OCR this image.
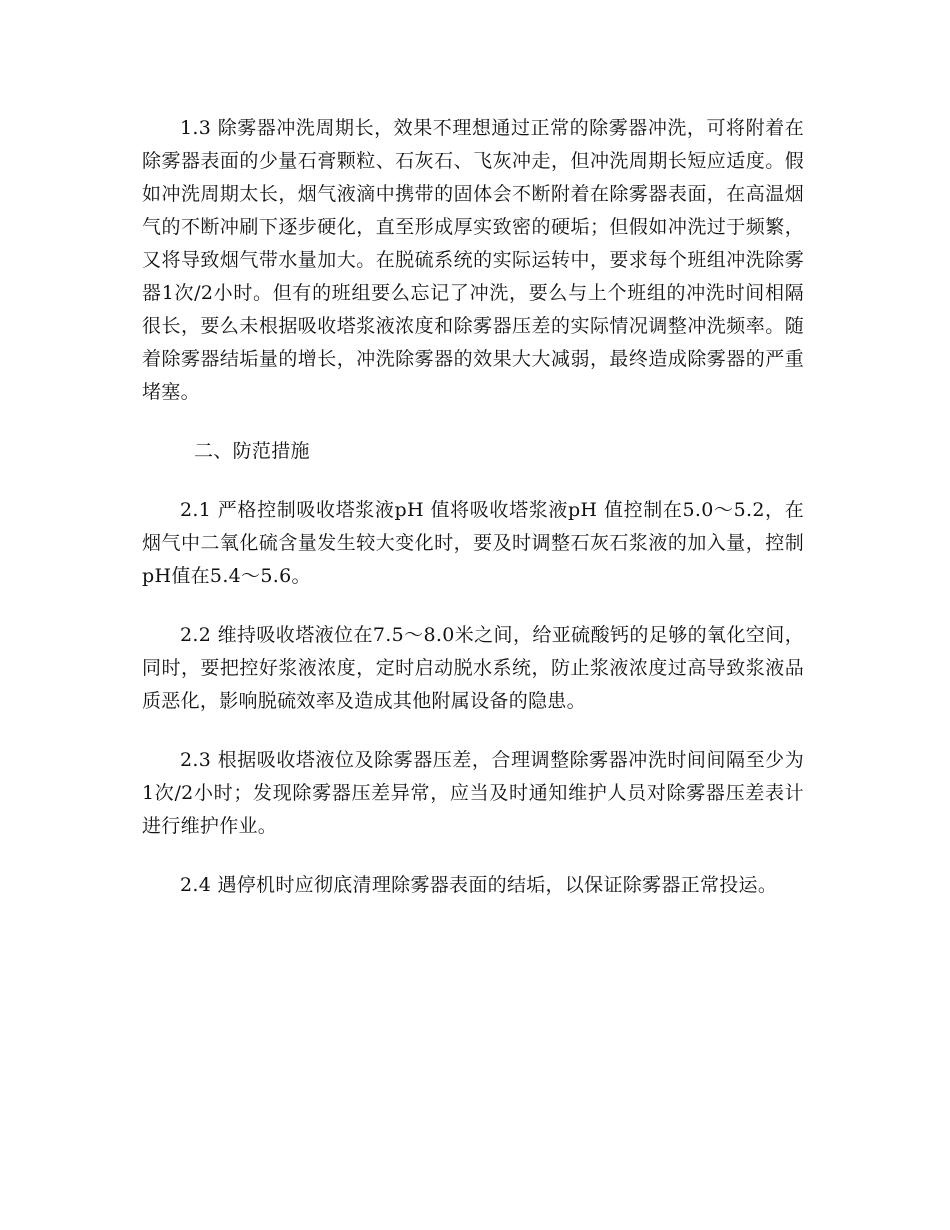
1.3 除雾器冲洗周期长，效果不理想通过正常的除雾器冲洗，可将附着在除雾器表面的少量石膏颗粒、石灰石、飞灰冲走，但冲洗周期长短应适度。假如冲洗周期太长，烟气液滴中携带的固体会不断附着在除雾器表面，在高温烟气的不断冲刷下逐步硬化，直至形成厚实致密的硬垢；但假如冲洗过于频繁，又将导致烟气带水量加大。在脱硫系统的实际运转中，要求每个班组冲洗除雾器1次/2小时。但有的班组要么忘记了冲洗，要么与上个班组的冲洗时间相隔很长，要么未根据吸收塔浆液浓度和除雾器压差的实际情况调整冲洗频率。随着除雾器结垢量的增长，冲洗除雾器的效果大大减弱，最终造成除雾器的严重堵塞。

二、防范措施

2.1 严格控制吸收塔浆液pH 值将吸收塔浆液pH 值控制在5.0～5.2，在烟气中二氧化硫含量发生较大变化时，要及时调整石灰石浆液的加入量，控制pH值在5.4～5.6。

2.2 维持吸收塔液位在7.5～8.0米之间，给亚硫酸钙的足够的氧化空间，同时，要把控好浆液浓度，定时启动脱水系统，防止浆液浓度过高导致浆液品质恶化，影响脱硫效率及造成其他附属设备的隐患。

2.3 根据吸收塔液位及除雾器压差，合理调整除雾器冲洗时间间隔至少为1次/2小时；发现除雾器压差异常，应当及时通知维护人员对除雾器压差表计进行维护作业。

2.4 遇停机时应彻底清理除雾器表面的结垢，以保证除雾器正常投运。
